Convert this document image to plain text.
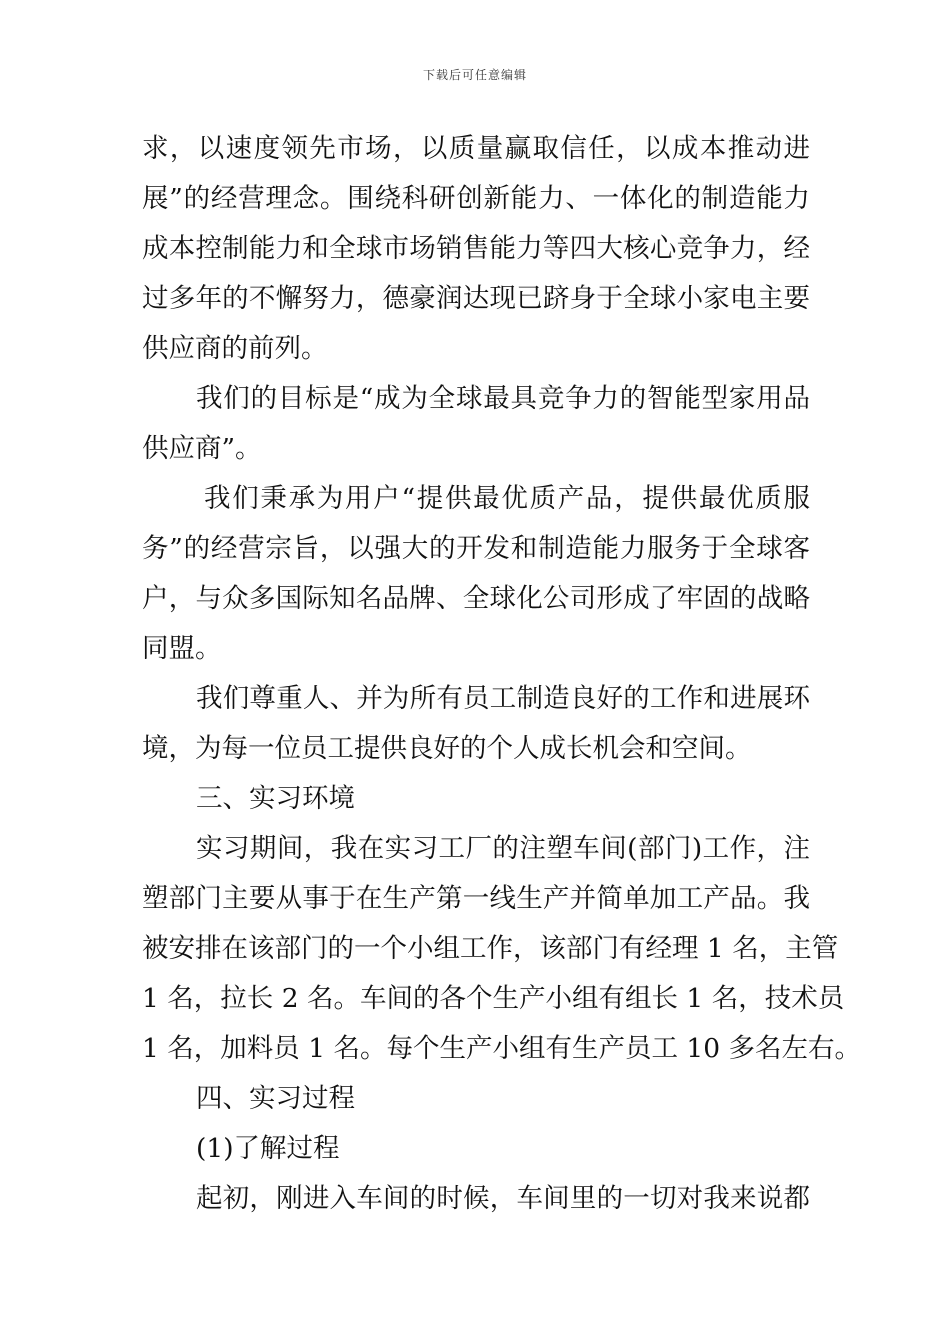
下载后可任意编辑
求，以速度领先市场，以质量赢取信任，以成本推动进
展”的经营理念。围绕科研创新能力、一体化的制造能力
成本控制能力和全球市场销售能力等四大核心竞争力，经
过多年的不懈努力，德豪润达现已跻身于全球小家电主要
供应商的前列。
我们的目标是“成为全球最具竞争力的智能型家用品
供应商”。
我们秉承为用户“提供最优质产品，提供最优质服
务”的经营宗旨，以强大的开发和制造能力服务于全球客
户，与众多国际知名品牌、全球化公司形成了牢固的战略
同盟。
我们尊重人、并为所有员工制造良好的工作和进展环
境，为每一位员工提供良好的个人成长机会和空间。
三、实习环境
实习期间，我在实习工厂的注塑车间(部门)工作，注
塑部门主要从事于在生产第一线生产并简单加工产品。我
被安排在该部门的一个小组工作，该部门有经理 1 名，主管
1 名，拉长 2 名。车间的各个生产小组有组长 1 名，技术员
1 名，加料员 1 名。每个生产小组有生产员工 10 多名左右。
四、实习过程
(1)了解过程
起初，刚进入车间的时候，车间里的一切对我来说都
